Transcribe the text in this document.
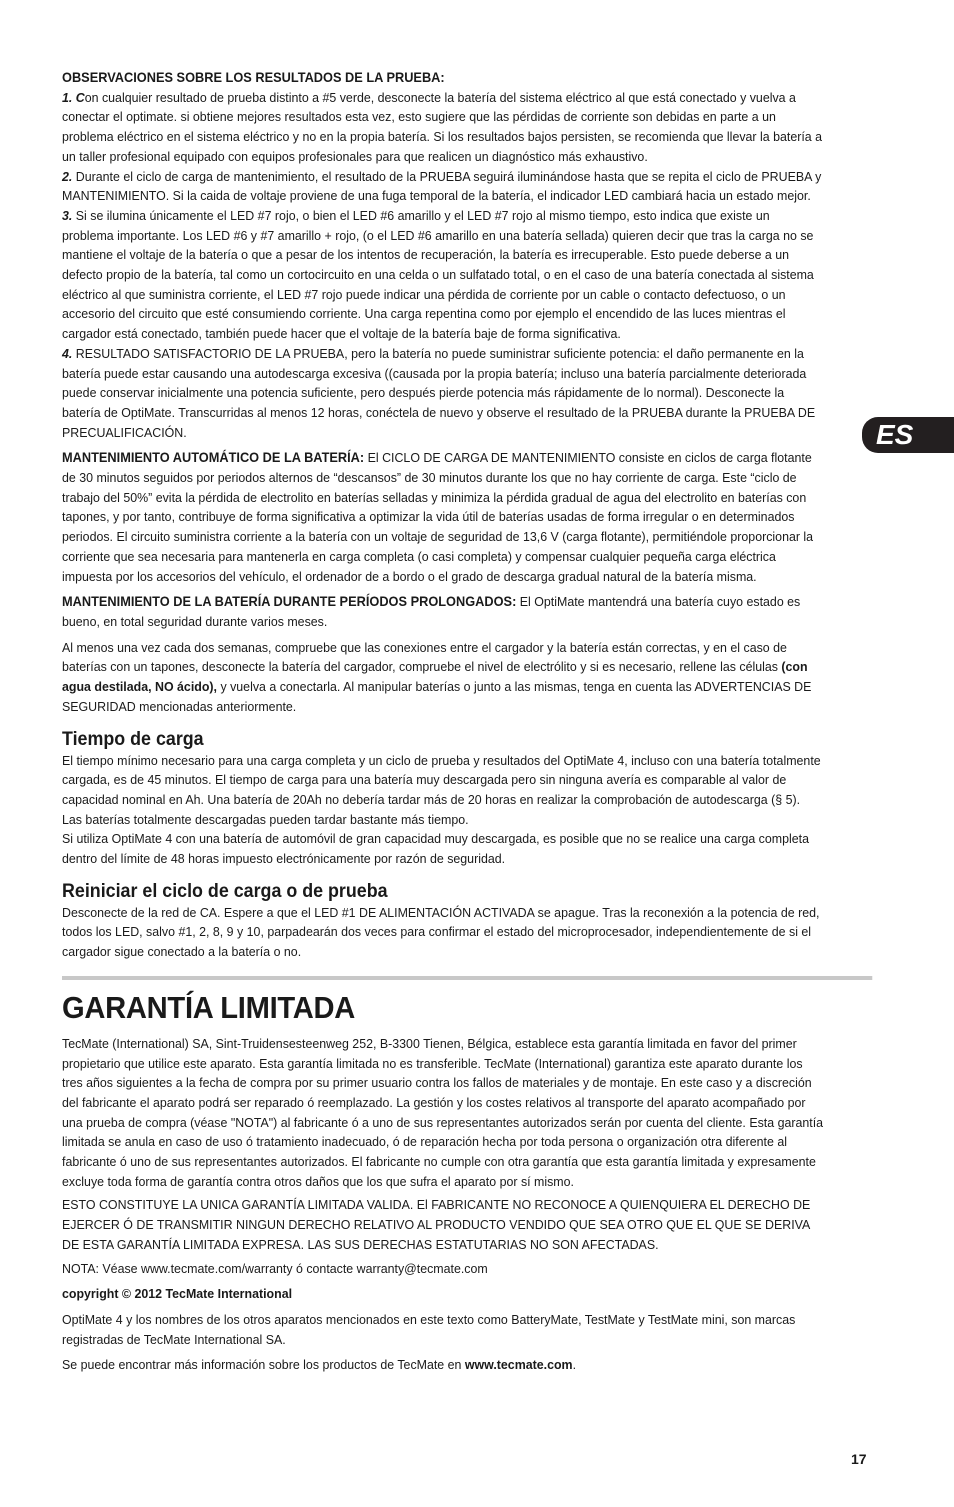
ES

OBSERVACIONES SOBRE LOS RESULTADOS DE LA PRUEBA:

1. Con cualquier resultado de prueba distinto a #5 verde, desconecte la batería del sistema eléctrico al que está conectado y vuelva a conectar el optimate. si obtiene mejores resultados esta vez, esto sugiere que las pérdidas de corriente son debidas en parte a un problema eléctrico en el sistema eléctrico y no en la propia batería. Si los resultados bajos persisten, se recomienda que llevar la batería a un taller profesional equipado con equipos profesionales para que realicen un diagnóstico más exhaustivo.

2. Durante el ciclo de carga de mantenimiento, el resultado de la PRUEBA seguirá iluminándose hasta que se repita el ciclo de PRUEBA y MANTENIMIENTO. Si la caida de voltaje proviene de una fuga temporal de la batería, el indicador LED cambiará hacia un estado mejor.

3. Si se ilumina únicamente el LED #7 rojo, o bien el LED #6 amarillo y el LED #7 rojo al mismo tiempo, esto indica que existe un problema importante. Los LED #6 y #7 amarillo + rojo, (o el LED #6 amarillo en una batería sellada) quieren decir que tras la carga no se mantiene el voltaje de la batería o que a pesar de los intentos de recuperación, la batería es irrecuperable. Esto puede deberse a un defecto propio de la batería, tal como un cortocircuito en una celda o un sulfatado total, o en el caso de una batería conectada al sistema eléctrico al que suministra corriente, el LED #7 rojo puede indicar una pérdida de corriente por un cable o contacto defectuoso, o un accesorio del circuito que esté consumiendo corriente. Una carga repentina como por ejemplo el encendido de las luces mientras el cargador está conectado, también puede hacer que el voltaje de la batería baje de forma significativa.

4. RESULTADO SATISFACTORIO DE LA PRUEBA, pero la batería no puede suministrar suficiente potencia: el daño permanente en la batería puede estar causando una autodescarga excesiva ((causada por la propia batería; incluso una batería parcialmente deteriorada puede conservar inicialmente una potencia suficiente, pero después pierde potencia más rápidamente de lo normal). Desconecte la batería de OptiMate. Transcurridas al menos 12 horas, conéctela de nuevo y observe el resultado de la PRUEBA durante la PRUEBA DE PRECUALIFICACIÓN.

MANTENIMIENTO AUTOMÁTICO DE LA BATERÍA: El CICLO DE CARGA DE MANTENIMIENTO consiste en ciclos de carga flotante de 30 minutos seguidos por periodos alternos de “descansos” de 30 minutos durante los que no hay corriente de carga. Este “ciclo de trabajo del 50%” evita la pérdida de electrolito en baterías selladas y minimiza la pérdida gradual de agua del electrolito en baterías con tapones, y por tanto, contribuye de forma significativa a optimizar la vida útil de baterías usadas de forma irregular o en determinados periodos. El circuito suministra corriente a la batería con un voltaje de seguridad de 13,6 V (carga flotante), permitiéndole proporcionar la corriente que sea necesaria para mantenerla en carga completa (o casi completa) y compensar cualquier pequeña carga eléctrica impuesta por los accesorios del vehículo, el ordenador de a bordo o el grado de descarga gradual natural de la batería misma.

MANTENIMIENTO DE LA BATERÍA DURANTE PERÍODOS PROLONGADOS: El OptiMate mantendrá una batería cuyo estado es bueno, en total seguridad durante varios meses.

Al menos una vez cada dos semanas, compruebe que las conexiones entre el cargador y la batería están correctas, y en el caso de baterías con un tapones, desconecte la batería del cargador, compruebe el nivel de electrólito y si es necesario, rellene las células (con agua destilada, NO ácido), y vuelva a conectarla. Al manipular baterías o junto a las mismas, tenga en cuenta las ADVERTENCIAS DE SEGURIDAD mencionadas anteriormente.

Tiempo de carga

El tiempo mínimo necesario para una carga completa y un ciclo de prueba y resultados del OptiMate 4, incluso con una batería totalmente cargada, es de 45 minutos. El tiempo de carga para una batería muy descargada pero sin ninguna avería es comparable al valor de capacidad nominal en Ah. Una batería de 20Ah no debería tardar más de 20 horas en realizar la comprobación de autodescarga (§ 5). Las baterías totalmente descargadas pueden tardar bastante más tiempo.

Si utiliza OptiMate 4 con una batería de automóvil de gran capacidad muy descargada, es posible que no se realice una carga completa dentro del límite de 48 horas impuesto electrónicamente por razón de seguridad.

Reiniciar el ciclo de carga o de prueba

Desconecte de la red de CA. Espere a que el LED #1 DE ALIMENTACIÓN ACTIVADA se apague. Tras la reconexión a la potencia de red, todos los LED, salvo #1, 2, 8, 9 y 10, parpadearán dos veces para confirmar el estado del microprocesador, independientemente de si el cargador sigue conectado a la batería o no.

GARANTÍA LIMITADA

TecMate (International) SA, Sint-Truidensesteenweg 252, B-3300 Tienen, Bélgica, establece esta garantía limitada en favor del primer propietario que utilice este aparato. Esta garantía limitada no es transferible. TecMate (International) garantiza este aparato durante los tres años siguientes a la fecha de compra por su primer usuario contra los fallos de materiales y de montaje. En este caso y a discreción del fabricante el aparato podrá ser reparado ó reemplazado. La gestión y los costes relativos al transporte del aparato acompañado por una prueba de compra (véase "NOTA") al fabricante ó a uno de sus representantes autorizados serán por cuenta del cliente. Esta garantía limitada se anula en caso de uso ó tratamiento inadecuado, ó de reparación hecha por toda persona o organización otra diferente al fabricante ó uno de sus representantes autorizados. El fabricante no cumple con otra garantía que esta garantía limitada y expresamente excluye toda forma de garantía contra otros daños que los que sufra el aparato por sí mismo.

ESTO CONSTITUYE LA UNICA GARANTÍA LIMITADA VALIDA. El FABRICANTE NO RECONOCE A QUIENQUIERA EL DERECHO DE EJERCER Ó DE TRANSMITIR NINGUN DERECHO RELATIVO AL PRODUCTO VENDIDO QUE SEA OTRO QUE EL QUE SE DERIVA DE ESTA GARANTÍA LIMITADA EXPRESA. LAS SUS DERECHAS ESTATUTARIAS NO SON AFECTADAS.

NOTA: Véase www.tecmate.com/warranty ó contacte warranty@tecmate.com

copyright © 2012 TecMate International

OptiMate 4 y los nombres de los otros aparatos mencionados en este texto como BatteryMate, TestMate y TestMate mini, son marcas registradas de TecMate International SA.

Se puede encontrar más información sobre los productos de TecMate en www.tecmate.com.

17
